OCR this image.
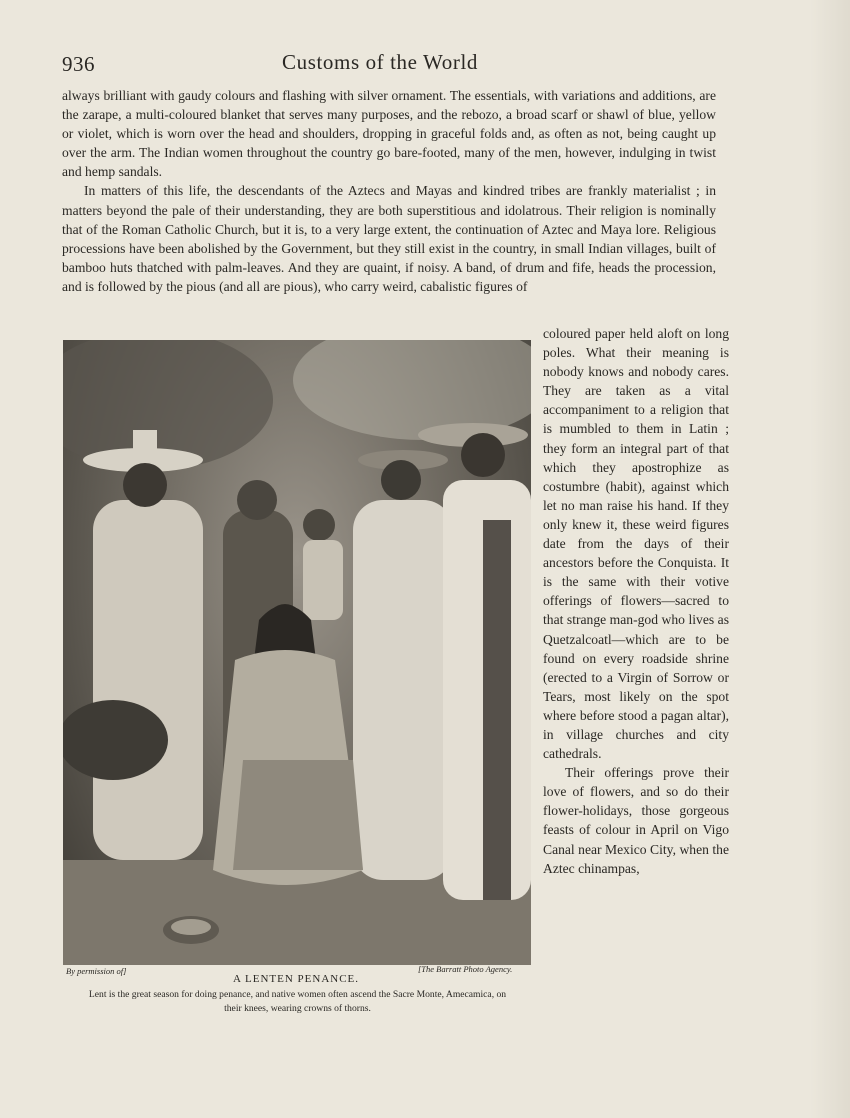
936	Customs of the World

always brilliant with gaudy colours and flashing with silver ornament. The essentials, with variations and additions, are the zarape, a multi-coloured blanket that serves many purposes, and the rebozo, a broad scarf or shawl of blue, yellow or violet, which is worn over the head and shoulders, dropping in graceful folds and, as often as not, being caught up over the arm. The Indian women throughout the country go bare-footed, many of the men, however, indulging in twist and hemp sandals.

In matters of this life, the descendants of the Aztecs and Mayas and kindred tribes are frankly materialist ; in matters beyond the pale of their understanding, they are both superstitious and idolatrous. Their religion is nominally that of the Roman Catholic Church, but it is, to a very large extent, the continuation of Aztec and Maya lore. Religious processions have been abolished by the Government, but they still exist in the country, in small Indian villages, built of bamboo huts thatched with palm-leaves. And they are quaint, if noisy. A band, of drum and fife, heads the procession, and is followed by the pious (and all are pious), who carry weird, cabalistic figures of

By permission of]	[The Barratt Photo Agency.
A LENTEN PENANCE.
Lent is the great season for doing penance, and native women often ascend the Sacre Monte, Amecamica, on their knees, wearing crowns of thorns.

coloured paper held aloft on long poles. What their meaning is nobody knows and nobody cares. They are taken as a vital accompaniment to a religion that is mumbled to them in Latin ; they form an integral part of that which they apostrophize as costumbre (habit), against which let no man raise his hand. If they only knew it, these weird figures date from the days of their ancestors before the Conquista. It is the same with their votive offerings of flowers—sacred to that strange man-god who lives as Quetzalcoatl—which are to be found on every roadside shrine (erected to a Virgin of Sorrow or Tears, most likely on the spot where before stood a pagan altar), in village churches and city cathedrals.

Their offerings prove their love of flowers, and so do their flower-holidays, those gorgeous feasts of colour in April on Vigo Canal near Mexico City, when the Aztec chinampas,
